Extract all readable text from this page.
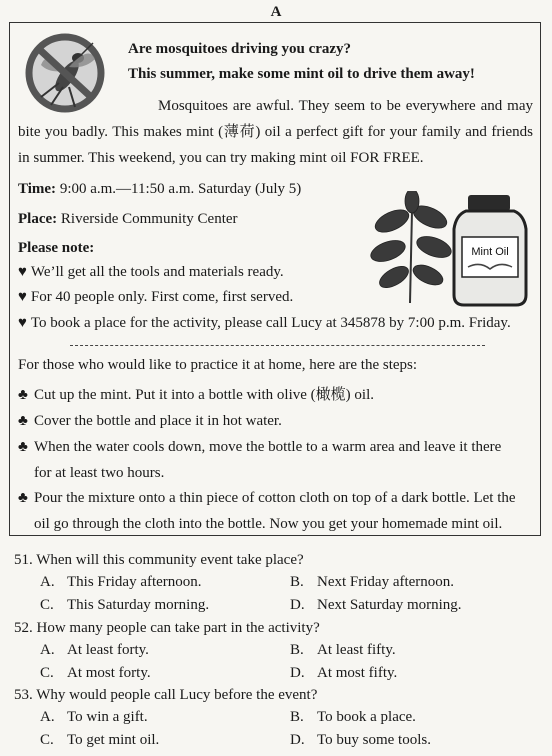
A
Are mosquitoes driving you crazy?
This summer, make some mint oil to drive them away!

Mosquitoes are awful. They seem to be everywhere and may bite you badly. This makes mint (薄荷) oil a perfect gift for your family and friends in summer. This weekend, you can try making mint oil FOR FREE.

Time: 9:00 a.m.—11:50 a.m. Saturday (July 5)

Place: Riverside Community Center

Please note:

♥ We’ll get all the tools and materials ready.

♥ For 40 people only. First come, first served.

♥ To book a place for the activity, please call Lucy at 345878 by 7:00 p.m. Friday.

Mint Oil

For those who would like to practice it at home, here are the steps:

♣ Cut up the mint. Put it into a bottle with olive (橄榄) oil.

♣ Cover the bottle and place it in hot water.

♣ When the water cools down, move the bottle to a warm area and leave it there
for at least two hours.

♣ Pour the mixture onto a thin piece of cotton cloth on top of a dark bottle. Let the
oil go through the cloth into the bottle. Now you get your homemade mint oil.

51. When will this community event take place?

A. This Friday afternoon.	B. Next Friday afternoon.

C. This Saturday morning.	D. Next Saturday morning.

52. How many people can take part in the activity?

A. At least forty.	B. At least fifty.

C. At most forty.	D. At most fifty.

53. Why would people call Lucy before the event?

A. To win a gift.	B. To book a place.

C. To get mint oil.	D. To buy some tools.
